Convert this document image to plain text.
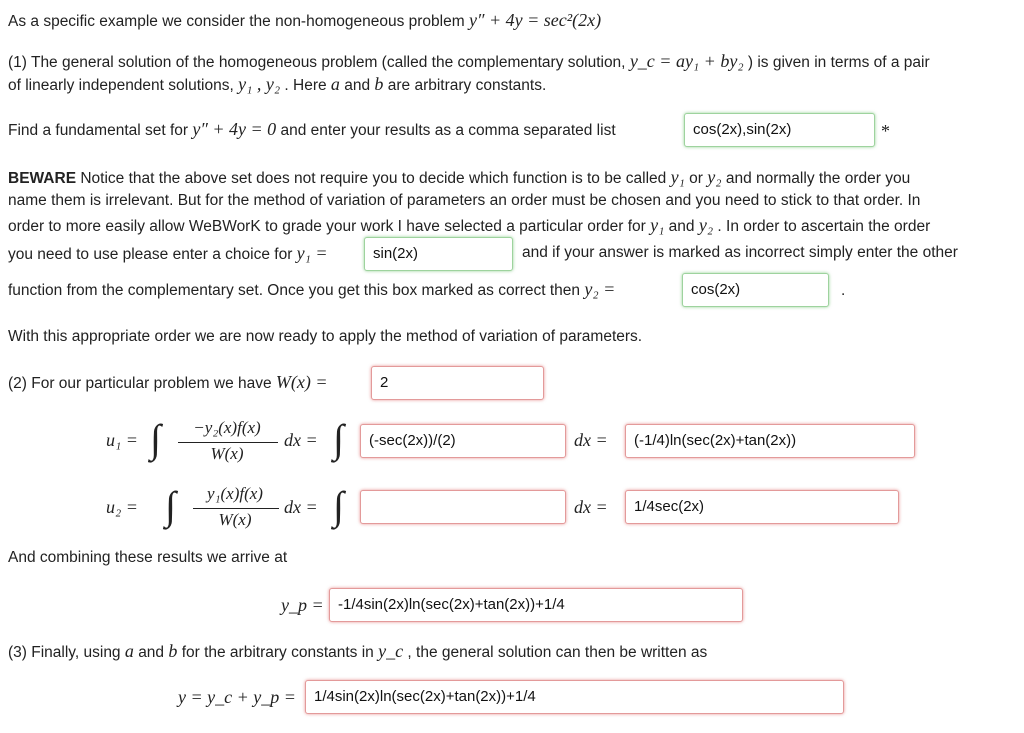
As a specific example we consider the non-homogeneous problem y″ + 4y = sec²(2x)
(1) The general solution of the homogeneous problem (called the complementary solution, y_c = ay₁ + by₂ ) is given in terms of a pair
of linearly independent solutions, y₁ , y₂ . Here a and b are arbitrary constants.
Find a fundamental set for y″ + 4y = 0 and enter your results as a comma separated list	cos(2x),sin(2x)	*
BEWARE Notice that the above set does not require you to decide which function is to be called y₁ or y₂ and normally the order you
name them is irrelevant. But for the method of variation of parameters an order must be chosen and you need to stick to that order. In
order to more easily allow WeBWorK to grade your work I have selected a particular order for y₁ and y₂ . In order to ascertain the order
you need to use please enter a choice for y₁ =	sin(2x)	and if your answer is marked as incorrect simply enter the other
function from the complementary set. Once you get this box marked as correct then y₂ =	cos(2x)	.
With this appropriate order we are now ready to apply the method of variation of parameters.
(2) For our particular problem we have W(x) =	2
u₁ = ∫	−y₂(x)f(x)
W(x)
dx = ∫	(-sec(2x))/(2)	dx =	(-1/4)ln(sec(2x)+tan(2x))
u₂ = ∫	y₁(x)f(x)
W(x)
dx = ∫	dx =	1/4sec(2x)
And combining these results we arrive at
y_p = -1/4sin(2x)ln(sec(2x)+tan(2x))+1/4
(3) Finally, using a and b for the arbitrary constants in y_c , the general solution can then be written as
y = y_c + y_p =	1/4sin(2x)ln(sec(2x)+tan(2x))+1/4
